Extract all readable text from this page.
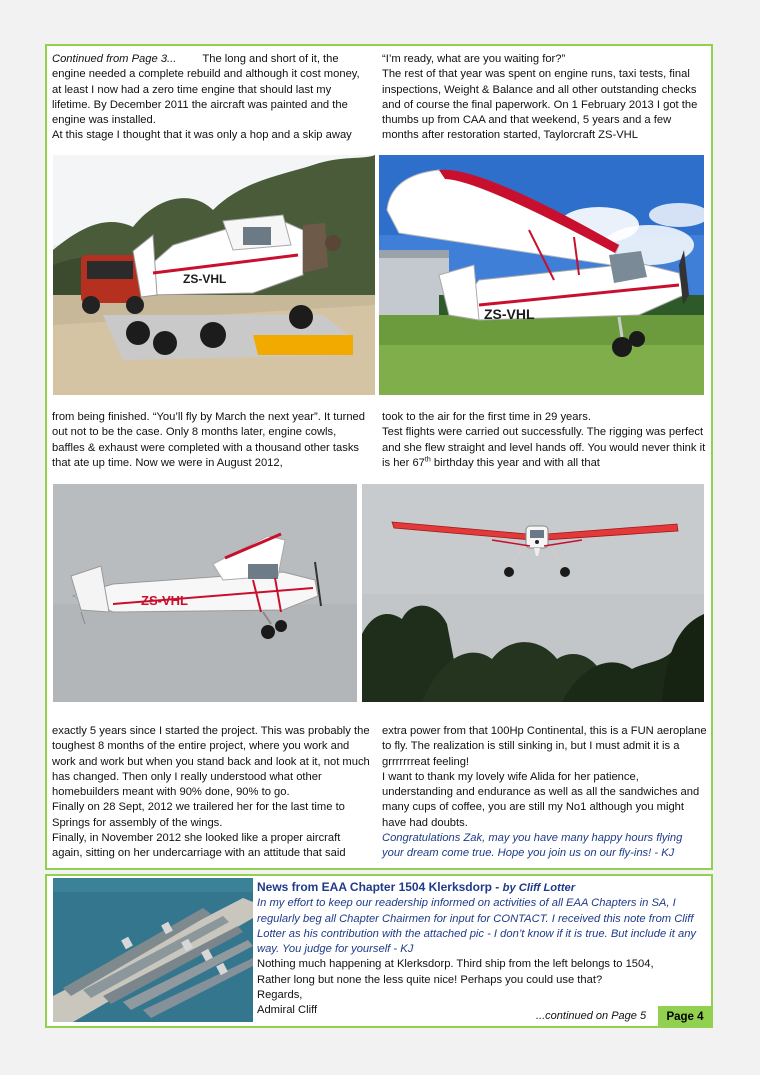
Continued from Page 3... The long and short of it, the engine needed a complete rebuild and although it cost money, at least I now had a zero time engine that should last my lifetime. By December 2011 the aircraft was painted and the engine was installed.

At this stage I thought that it was only a hop and a skip away

“I’m ready, what are you waiting for?”

The rest of that year was spent on engine runs, taxi tests, final inspections, Weight & Balance and all other outstanding checks and of course the final paperwork. On 1 February 2013 I got the thumbs up from CAA and that weekend, 5 years and a few months after restoration started, Taylorcraft ZS-VHL

ZS-VHL
ZS-VHL

from being finished. “You’ll fly by March the next year”. It turned out not to be the case. Only 8 months later, engine cowls, baffles & exhaust were completed with a thousand other tasks that ate up time. Now we were in August 2012,

took to the air for the first time in 29 years.

Test flights were carried out successfully. The rigging was perfect and she flew straight and level hands off. You would never think it is her 67th birthday this year and with all that

ZS-VHL

exactly 5 years since I started the project. This was probably the toughest 8 months of the entire project, where you work and work and work but when you stand back and look at it, not much has changed. Then only I really understood what other homebuilders meant with 90% done, 90% to go.

Finally on 28 Sept, 2012 we trailered her for the last time to Springs for assembly of the wings.

Finally, in November 2012 she looked like a proper aircraft again, sitting on her undercarriage with an attitude that said

extra power from that 100Hp Continental, this is a FUN aeroplane to fly. The realization is still sinking in, but I must admit it is a grrrrrrreat feeling!

I want to thank my lovely wife Alida for her patience, understanding and endurance as well as all the sandwiches and many cups of coffee, you are still my No1 although you might have had doubts.

Congratulations Zak, may you have many happy hours flying your dream come true. Hope you join us on our fly-ins! - KJ

News from EAA Chapter 1504 Klerksdorp - by Cliff Lotter

In my effort to keep our readership informed on activities of all EAA Chapters in SA, I regularly beg all Chapter Chairmen for input for CONTACT. I received this note from Cliff Lotter as his contribution with the attached pic - I don’t know if it is true. But include it any way. You judge for yourself - KJ

Nothing much happening at Klerksdorp. Third ship from the left belongs to 1504,

Rather long but none the less quite nice! Perhaps you could use that?

Regards,

Admiral Cliff	...continued on Page 5	Page 4
